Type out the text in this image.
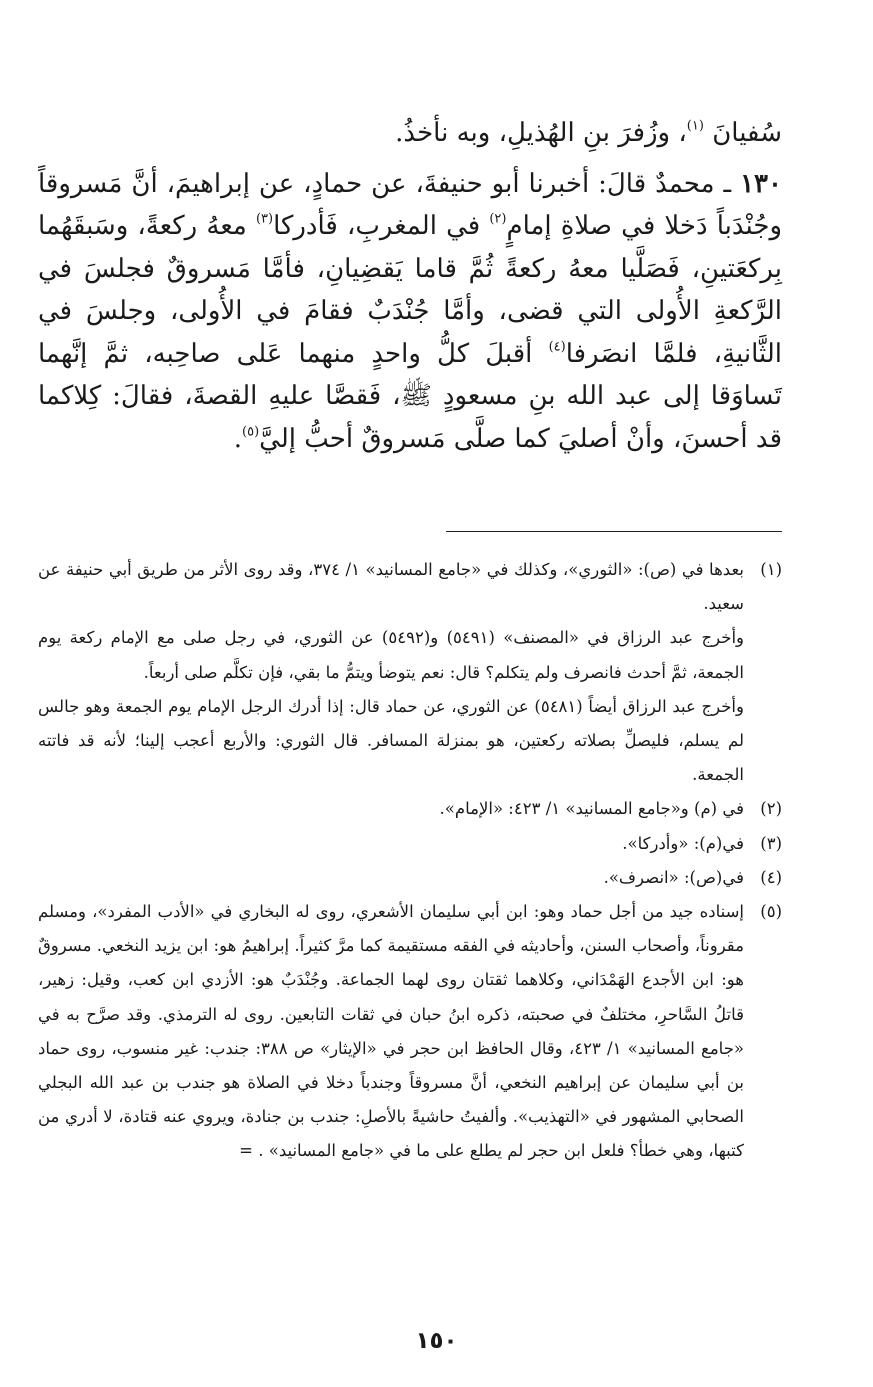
سُفيانَ $^{(١)}$، وزُفرَ بنِ الهُذيلِ، وبه نأخذُ.

١٣٠ ـ محمدٌ قالَ: أخبرنا أبو حنيفةَ، عن حمادٍ، عن إبراهيمَ، أنَّ مَسروقاً وجُنْدَباً دَخلا في صلاةِ إمامٍ$^{(٢)}$ في المغربِ، فَأدركا$^{(٣)}$ معهُ ركعةً، وسَبقَهُما بِركعَتينِ، فَصَلَّيا معهُ ركعةً ثُمَّ قاما يَقضِيانِ، فأمَّا مَسروقٌ فجلسَ في الرَّكعةِ الأُولى التي قضى، وأمَّا جُنْدَبٌ فقامَ في الأُولى، وجلسَ في الثَّانيةِ، فلمَّا انصَرفا$^{(٤)}$ أقبلَ كلُّ واحدٍ منهما عَلى صاحِبه، ثمَّ إنَّهما تَساوَقا إلى عبد الله بنِ مسعودٍ ﷺ، فَقصَّا عليهِ القصةَ، فقالَ: كِلاكما قد أحسنَ، وأنْ أصليَ كما صلَّى مَسروقٌ أحبُّ إليَّ$^{(٥)}$.

(١)

بعدها في (ص): «الثوري»، وكذلك في «جامع المسانيد» ١/ ٣٧٤، وقد روى الأثر من طريق أبي حنيفة عن سعيد.

وأخرج عبد الرزاق في «المصنف» (٥٤٩١) و(٥٤٩٢) عن الثوري، في رجل صلى مع الإمام ركعة يوم الجمعة، ثمَّ أحدث فانصرف ولم يتكلم؟ قال: نعم يتوضأ ويتمُّ ما بقي، فإن تكلَّم صلى أربعاً.

وأخرج عبد الرزاق أيضاً (٥٤٨١) عن الثوري، عن حماد قال: إذا أدرك الرجل الإمام يوم الجمعة وهو جالس لم يسلم، فليصلِّ بصلاته ركعتين، هو بمنزلة المسافر. قال الثوري: والأربع أعجب إلينا؛ لأنه قد فاتته الجمعة.

(٢)

في (م) و«جامع المسانيد» ١/ ٤٢٣: «الإمام».

(٣)

في(م): «وأدركا».

(٤)

في(ص): «انصرف».

(٥)

إسناده جيد من أجل حماد وهو: ابن أبي سليمان الأشعري، روى له البخاري في «الأدب المفرد»، ومسلم مقروناً، وأصحاب السنن، وأحاديثه في الفقه مستقيمة كما مرَّ كثيراً. إبراهيمُ هو: ابن يزيد النخعي. مسروقٌ هو: ابن الأجدع الهَمْدَاني، وكلاهما ثقتان روى لهما الجماعة. وجُنْدَبٌ هو: الأزدي ابن كعب، وقيل: زهير، قاتلُ السَّاحرِ، مختلفٌ في صحبته، ذكره ابنُ حبان في ثقات التابعين. روى له الترمذي. وقد صرَّح به في «جامع المسانيد» ١/ ٤٢٣، وقال الحافظ ابن حجر في «الإيثار» ص ٣٨٨: جندب: غير منسوب، روى حماد بن أبي سليمان عن إبراهيم النخعي، أنَّ مسروقاً وجندباً دخلا في الصلاة هو جندب بن عبد الله البجلي الصحابي المشهور في «التهذيب». وألفيتُ حاشيةً بالأصلِ: جندب بن جنادة، ويروي عنه قتادة، لا أدري من كتبها، وهي خطأ؟ فلعل ابن حجر لم يطلع على ما في «جامع المسانيد» . =

١٥٠
